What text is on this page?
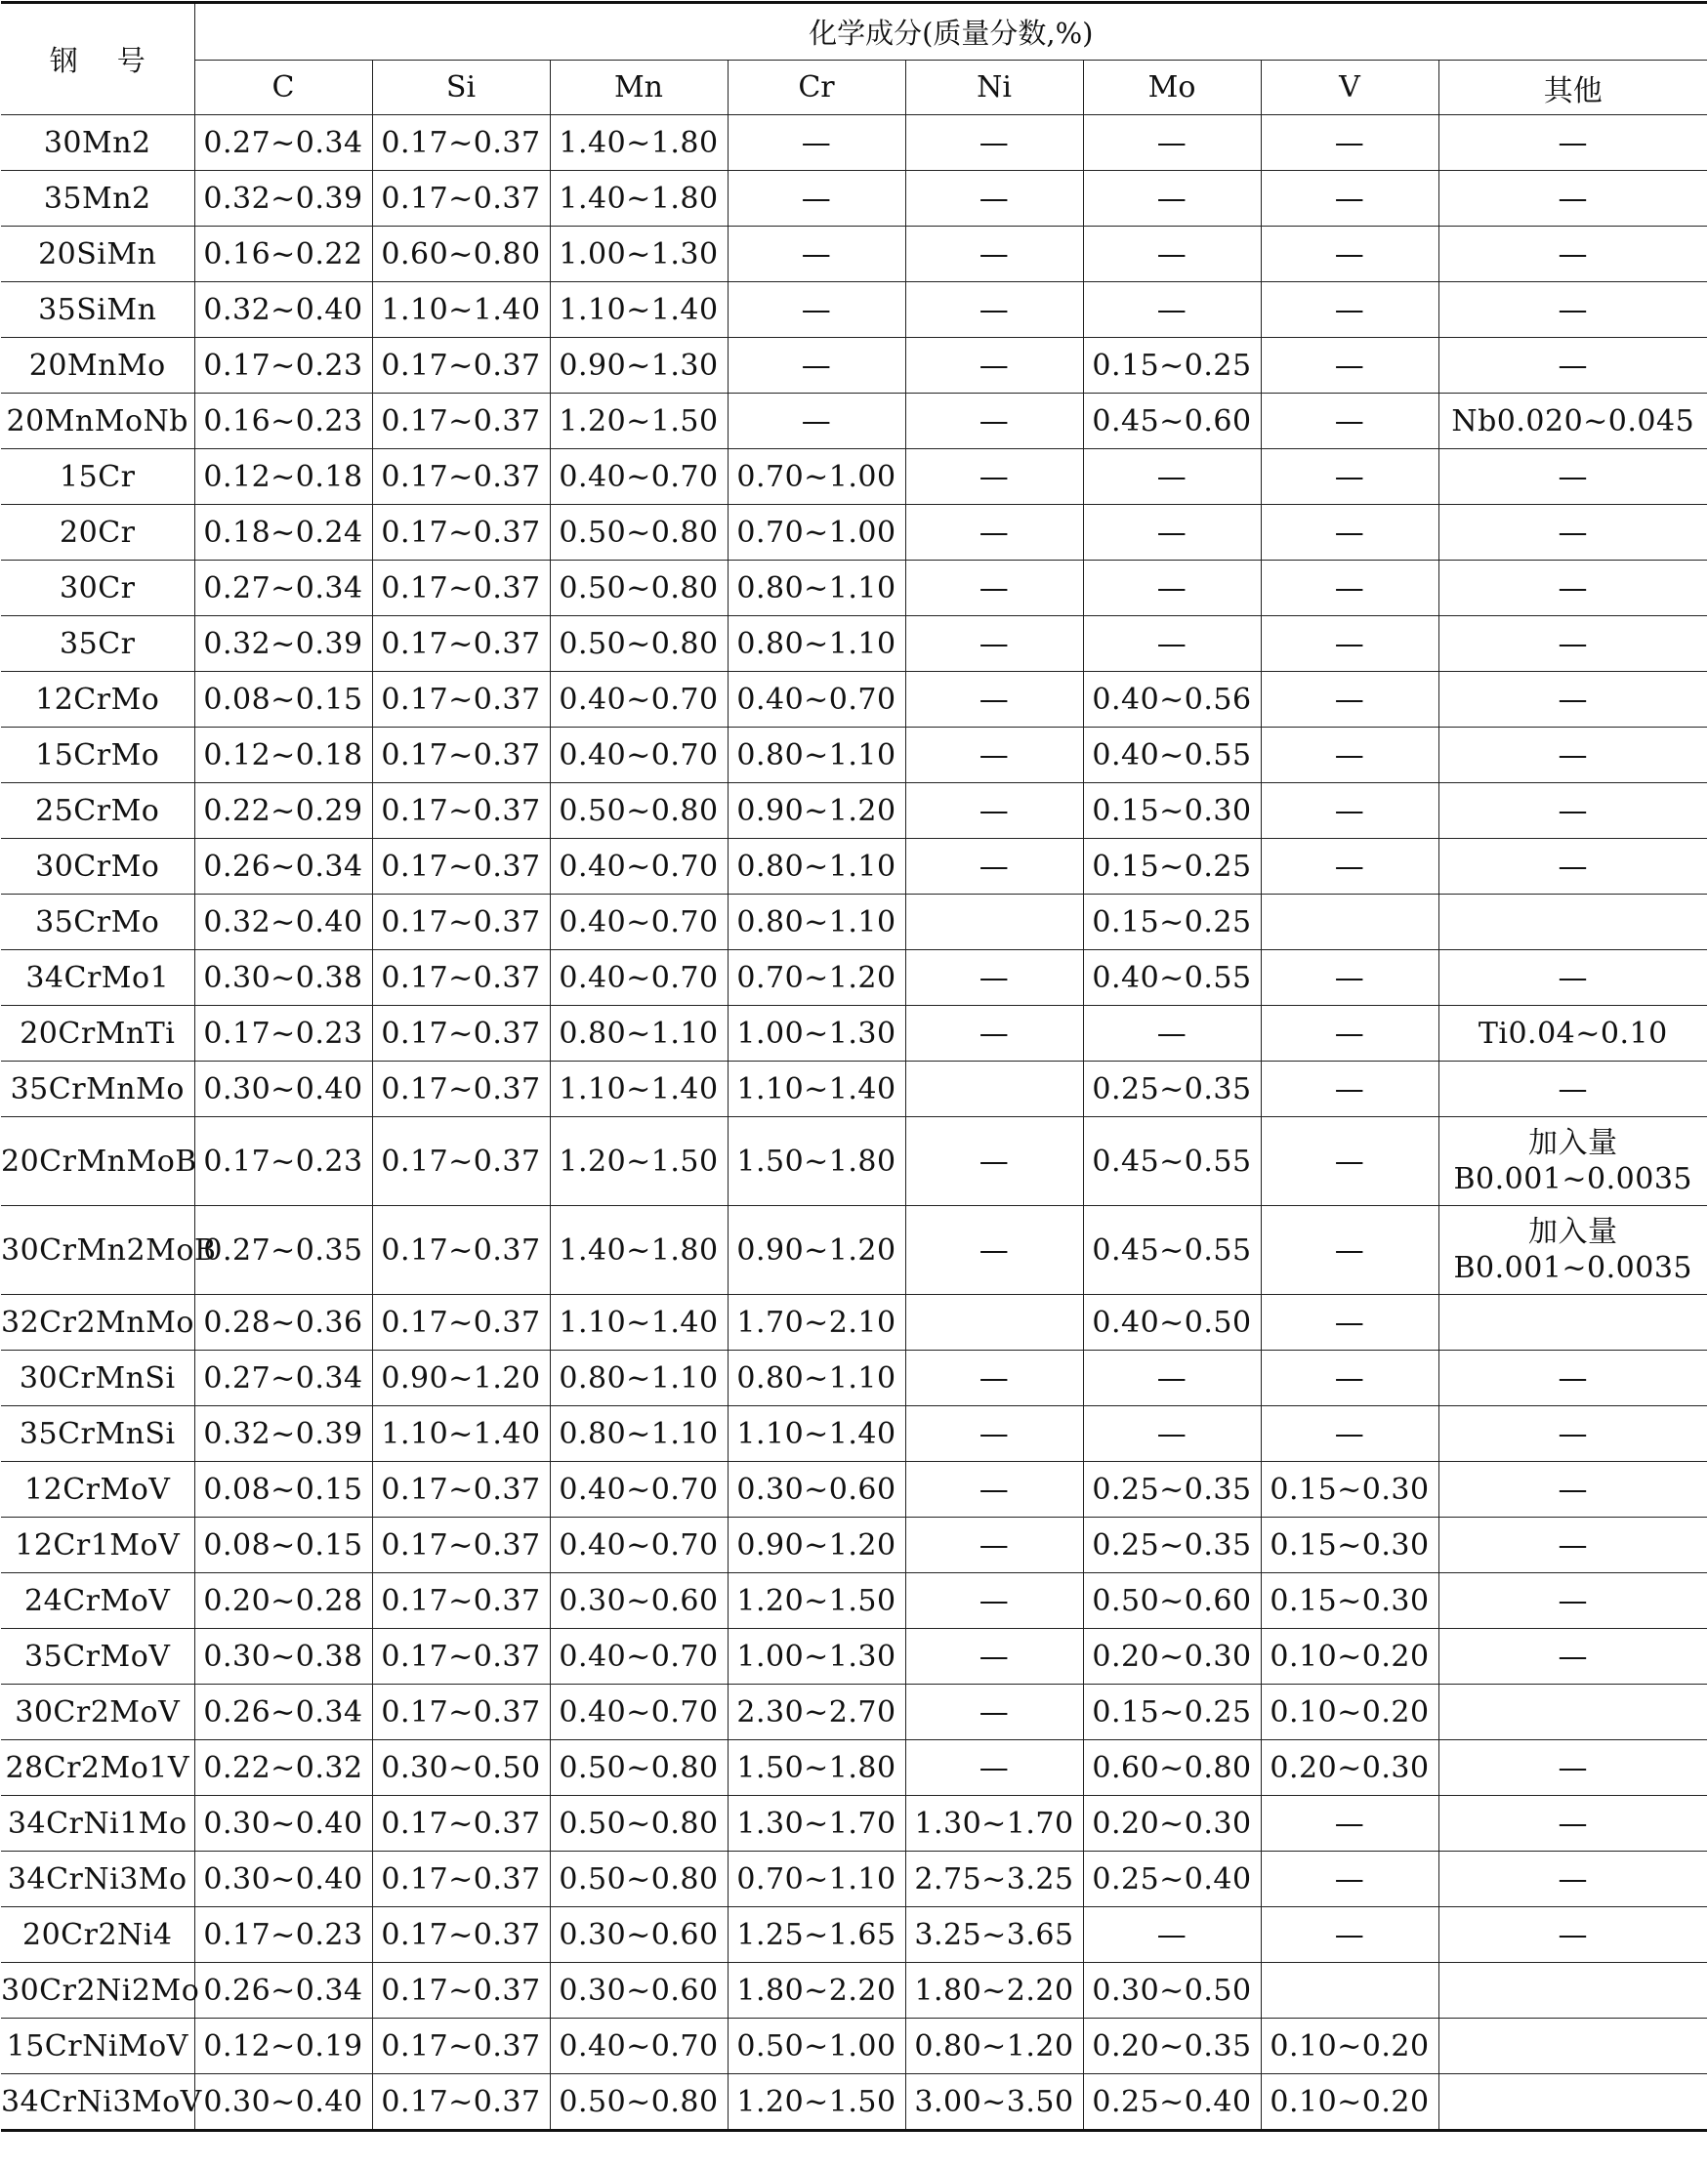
钢号	化学成分(质量分数,%)							
	C	Si	Mn	Cr	Ni	Mo	V	其他
30Mn2	0.27~0.34	0.17~0.37	1.40~1.80	—	—	—	—	—

35Mn2	0.32~0.39	0.17~0.37	1.40~1.80	—	—	—	—	—

20SiMn	0.16~0.22	0.60~0.80	1.00~1.30	—	—	—	—	—

35SiMn	0.32~0.40	1.10~1.40	1.10~1.40	—	—	—	—	—

20MnMo	0.17~0.23	0.17~0.37	0.90~1.30	—	—	0.15~0.25	—	—

20MnMoNb	0.16~0.23	0.17~0.37	1.20~1.50	—	—	0.45~0.60	—	Nb0.020~0.045

15Cr	0.12~0.18	0.17~0.37	0.40~0.70	0.70~1.00	—	—	—	—

20Cr	0.18~0.24	0.17~0.37	0.50~0.80	0.70~1.00	—	—	—	—

30Cr	0.27~0.34	0.17~0.37	0.50~0.80	0.80~1.10	—	—	—	—

35Cr	0.32~0.39	0.17~0.37	0.50~0.80	0.80~1.10	—	—	—	—

12CrMo	0.08~0.15	0.17~0.37	0.40~0.70	0.40~0.70	—	0.40~0.56	—	—

15CrMo	0.12~0.18	0.17~0.37	0.40~0.70	0.80~1.10	—	0.40~0.55	—	—

25CrMo	0.22~0.29	0.17~0.37	0.50~0.80	0.90~1.20	—	0.15~0.30	—	—

30CrMo	0.26~0.34	0.17~0.37	0.40~0.70	0.80~1.10	—	0.15~0.25	—	—

35CrMo	0.32~0.40	0.17~0.37	0.40~0.70	0.80~1.10		0.15~0.25		

34CrMo1	0.30~0.38	0.17~0.37	0.40~0.70	0.70~1.20	—	0.40~0.55	—	—

20CrMnTi	0.17~0.23	0.17~0.37	0.80~1.10	1.00~1.30	—	—	—	Ti0.04~0.10

35CrMnMo	0.30~0.40	0.17~0.37	1.10~1.40	1.10~1.40		0.25~0.35	—	—

20CrMnMoB	0.17~0.23	0.17~0.37	1.20~1.50	1.50~1.80	—	0.45~0.55	—	加入量
B0.001~0.0035

30CrMn2MoB	0.27~0.35	0.17~0.37	1.40~1.80	0.90~1.20	—	0.45~0.55	—	加入量
B0.001~0.0035

32Cr2MnMo	0.28~0.36	0.17~0.37	1.10~1.40	1.70~2.10		0.40~0.50	—	

30CrMnSi	0.27~0.34	0.90~1.20	0.80~1.10	0.80~1.10	—	—	—	—

35CrMnSi	0.32~0.39	1.10~1.40	0.80~1.10	1.10~1.40	—	—	—	—

12CrMoV	0.08~0.15	0.17~0.37	0.40~0.70	0.30~0.60	—	0.25~0.35	0.15~0.30	—

12Cr1MoV	0.08~0.15	0.17~0.37	0.40~0.70	0.90~1.20	—	0.25~0.35	0.15~0.30	—

24CrMoV	0.20~0.28	0.17~0.37	0.30~0.60	1.20~1.50	—	0.50~0.60	0.15~0.30	—

35CrMoV	0.30~0.38	0.17~0.37	0.40~0.70	1.00~1.30	—	0.20~0.30	0.10~0.20	—

30Cr2MoV	0.26~0.34	0.17~0.37	0.40~0.70	2.30~2.70	—	0.15~0.25	0.10~0.20	

28Cr2Mo1V	0.22~0.32	0.30~0.50	0.50~0.80	1.50~1.80	—	0.60~0.80	0.20~0.30	—

34CrNi1Mo	0.30~0.40	0.17~0.37	0.50~0.80	1.30~1.70	1.30~1.70	0.20~0.30	—	—

34CrNi3Mo	0.30~0.40	0.17~0.37	0.50~0.80	0.70~1.10	2.75~3.25	0.25~0.40	—	—

20Cr2Ni4	0.17~0.23	0.17~0.37	0.30~0.60	1.25~1.65	3.25~3.65	—	—	—

30Cr2Ni2Mo	0.26~0.34	0.17~0.37	0.30~0.60	1.80~2.20	1.80~2.20	0.30~0.50		

15CrNiMoV	0.12~0.19	0.17~0.37	0.40~0.70	0.50~1.00	0.80~1.20	0.20~0.35	0.10~0.20	

34CrNi3MoV	0.30~0.40	0.17~0.37	0.50~0.80	1.20~1.50	3.00~3.50	0.25~0.40	0.10~0.20	
